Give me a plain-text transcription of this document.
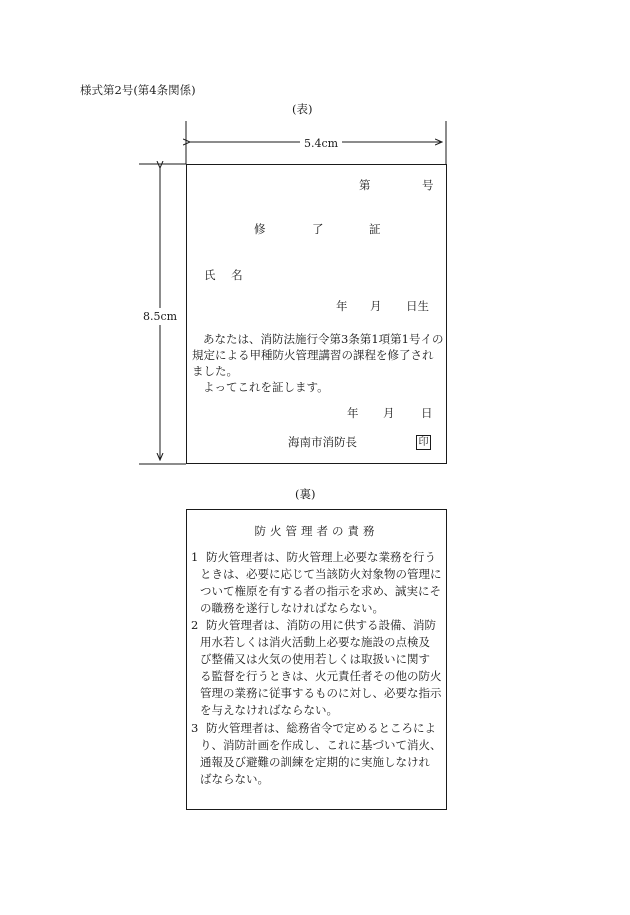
様式第2号(第4条関係)
(表)
5.4cm
8.5cm
第	号
修	了	証
氏 名
年 月 日生

あなたは、消防法施行令第3条第1項第1号イの

規定による甲種防火管理講習の課程を修了され

ました。

よってこれを証します。

年 月 日
海南市消防長	印
(裏)
防火管理者の責務
1 防火管理者は、防火管理上必要な業務を行う
ときは、必要に応じて当該防火対象物の管理に
ついて権原を有する者の指示を求め、誠実にそ
の職務を遂行しなければならない。
2 防火管理者は、消防の用に供する設備、消防
用水若しくは消火活動上必要な施設の点検及
び整備又は火気の使用若しくは取扱いに関す
る監督を行うときは、火元責任者その他の防火
管理の業務に従事するものに対し、必要な指示
を与えなければならない。
3 防火管理者は、総務省令で定めるところによ
り、消防計画を作成し、これに基づいて消火、
通報及び避難の訓練を定期的に実施しなけれ
ばならない。
